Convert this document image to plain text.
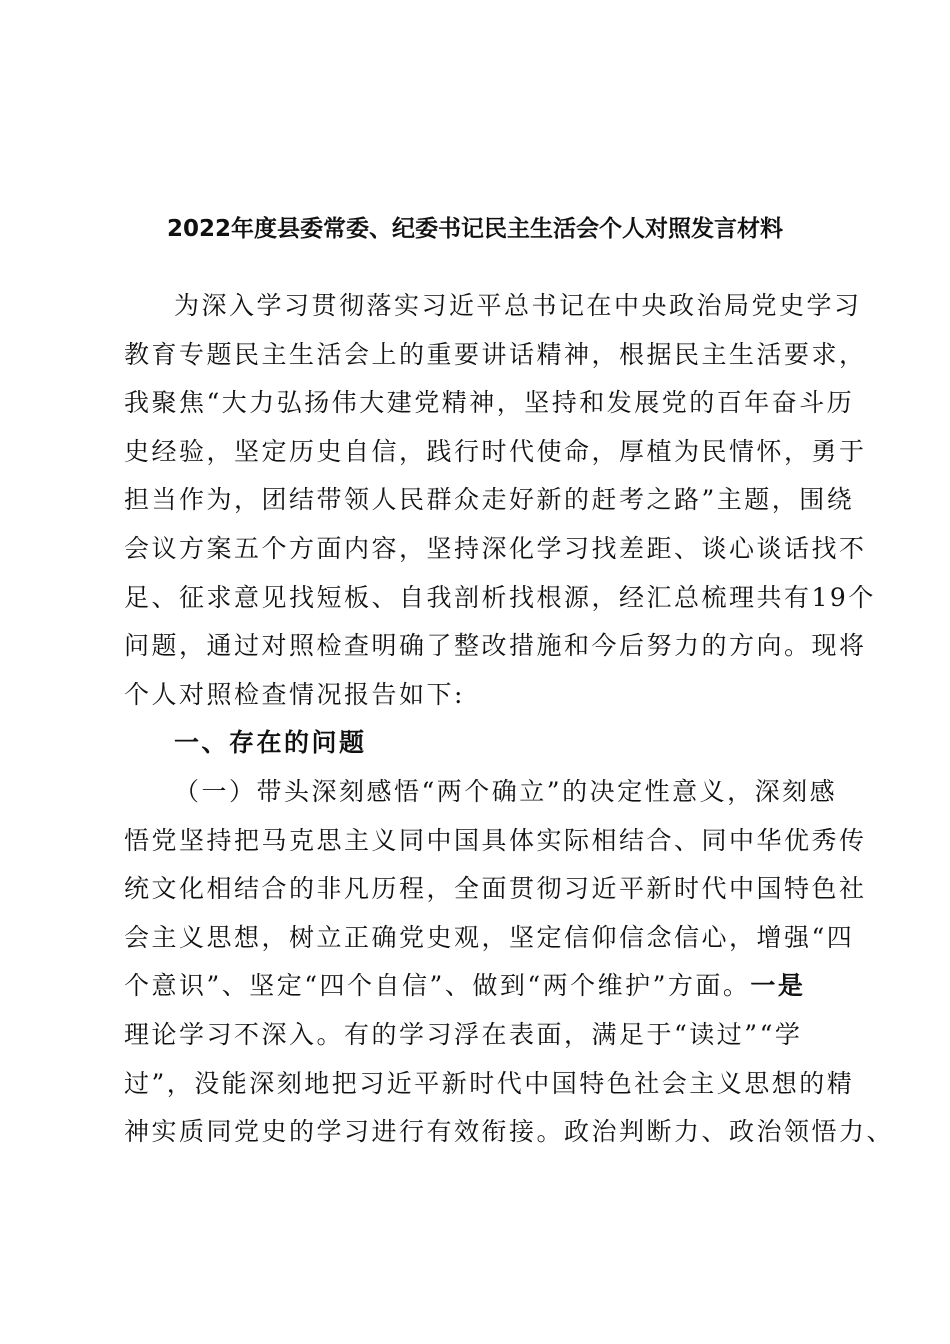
2022年度县委常委、纪委书记民主生活会个人对照发言材料
为深入学习贯彻落实习近平总书记在中央政治局党史学习
教育专题民主生活会上的重要讲话精神，根据民主生活要求，
我聚焦“大力弘扬伟大建党精神，坚持和发展党的百年奋斗历
史经验，坚定历史自信，践行时代使命，厚植为民情怀，勇于
担当作为，团结带领人民群众走好新的赶考之路”主题，围绕
会议方案五个方面内容，坚持深化学习找差距、谈心谈话找不
足、征求意见找短板、自我剖析找根源，经汇总梳理共有19个
问题，通过对照检查明确了整改措施和今后努力的方向。现将
个人对照检查情况报告如下:
一、存在的问题
（一）带头深刻感悟“两个确立”的决定性意义，深刻感
悟党坚持把马克思主义同中国具体实际相结合、同中华优秀传
统文化相结合的非凡历程，全面贯彻习近平新时代中国特色社
会主义思想，树立正确党史观，坚定信仰信念信心，增强“四
个意识”、坚定“四个自信”、做到“两个维护”方面。一是
理论学习不深入。有的学习浮在表面，满足于“读过”“学
过”，没能深刻地把习近平新时代中国特色社会主义思想的精
神实质同党史的学习进行有效衔接。政治判断力、政治领悟力、
